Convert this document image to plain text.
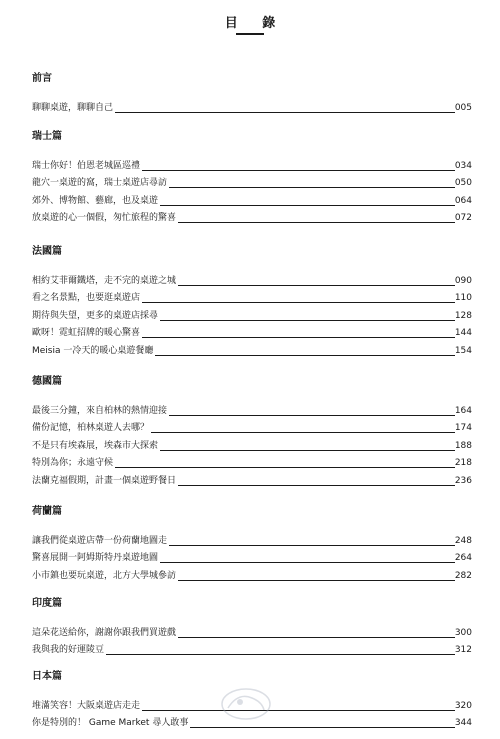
目 錄
前言
聊聊桌遊，聊聊自己	005
瑞士篇
瑞士你好！伯恩老城區巡禮	034
龍穴一桌遊的窩，瑞士桌遊店尋訪	050
郊外、博物館、藝廊，也及桌遊	064
放桌遊的心一個假，匆忙旅程的驚喜	072
法國篇
相約艾菲爾鐵塔，走不完的桌遊之城	090
看之名景點，也要逛桌遊店	110
期待與失望，更多的桌遊店採尋	128
歐呀！霓虹招牌的暖心驚喜	144
Meisia 一冷天的暖心桌遊餐廳	154
德國篇
最後三分鐘，來自柏林的熱情迎接	164
備份記憶，柏林桌遊人去哪？	174
不是只有埃森展，埃森市大探索	188
特別為你；永遠守候	218
法蘭克福假期，計畫一個桌遊野餐日	236
荷蘭篇
讓我們從桌遊店帶一份荷蘭地圖走	248
驚喜展開一阿姆斯特丹桌遊地圖	264
小市鎮也要玩桌遊，北方大學城參訪	282
印度篇
這朵花送給你，謝謝你跟我們買遊戲	300
我與我的好運陵豆	312
日本篇
堆滿笑容！大阪桌遊店走走	320
你是特別的！ Game Market 尋人敢事	344
